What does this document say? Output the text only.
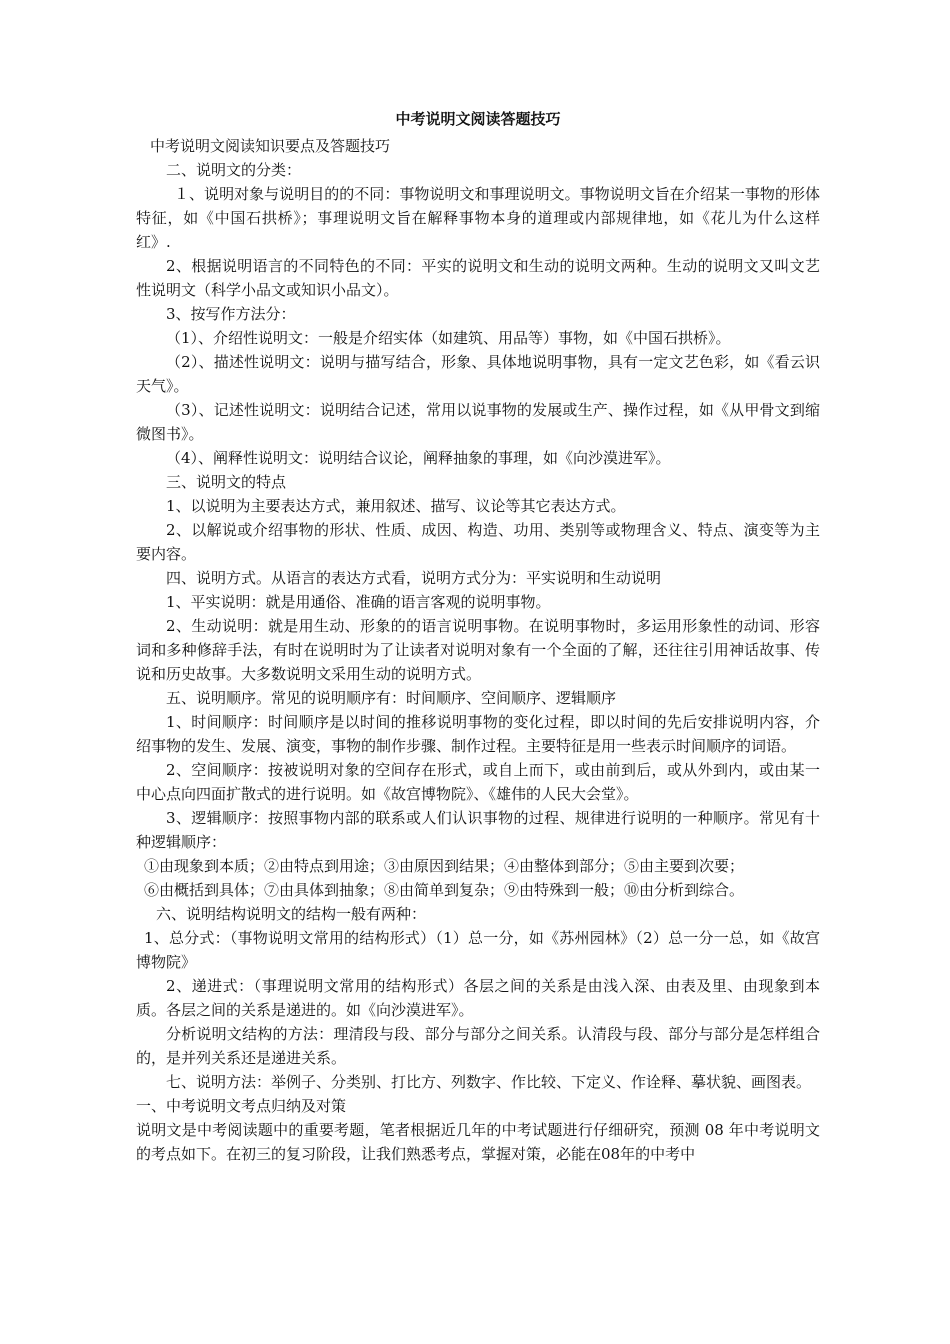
中考说明文阅读答题技巧

中考说明文阅读知识要点及答题技巧

二、说明文的分类：

１、说明对象与说明目的的不同：事物说明文和事理说明文。事物说明文旨在介绍某一事物的形体特征，如《中国石拱桥》；事理说明文旨在解释事物本身的道理或内部规律地，如《花儿为什么这样红》.

2、根据说明语言的不同特色的不同：平实的说明文和生动的说明文两种。生动的说明文又叫文艺性说明文（科学小品文或知识小品文）。

3、按写作方法分：

（1）、介绍性说明文：一般是介绍实体（如建筑、用品等）事物，如《中国石拱桥》。

（2）、描述性说明文：说明与描写结合，形象、具体地说明事物，具有一定文艺色彩，如《看云识天气》。

（3）、记述性说明文：说明结合记述，常用以说事物的发展或生产、操作过程，如《从甲骨文到缩微图书》。

（4）、阐释性说明文：说明结合议论，阐释抽象的事理，如《向沙漠进军》。

三、说明文的特点

1、以说明为主要表达方式，兼用叙述、描写、议论等其它表达方式。

2、以解说或介绍事物的形状、性质、成因、构造、功用、类别等或物理含义、特点、演变等为主要内容。

四、说明方式。从语言的表达方式看，说明方式分为：平实说明和生动说明

1、平实说明：就是用通俗、准确的语言客观的说明事物。

2、生动说明：就是用生动、形象的的语言说明事物。在说明事物时，多运用形象性的动词、形容词和多种修辞手法，有时在说明时为了让读者对说明对象有一个全面的了解，还往往引用神话故事、传说和历史故事。大多数说明文采用生动的说明方式。

五、说明顺序。常见的说明顺序有：时间顺序、空间顺序、逻辑顺序

1、时间顺序：时间顺序是以时间的推移说明事物的变化过程，即以时间的先后安排说明内容，介绍事物的发生、发展、演变，事物的制作步骤、制作过程。主要特征是用一些表示时间顺序的词语。

2、空间顺序：按被说明对象的空间存在形式，或自上而下，或由前到后，或从外到内，或由某一中心点向四面扩散式的进行说明。如《故宫博物院》、《雄伟的人民大会堂》。

3、逻辑顺序：按照事物内部的联系或人们认识事物的过程、规律进行说明的一种顺序。常见有十种逻辑顺序：

①由现象到本质；②由特点到用途；③由原因到结果；④由整体到部分；⑤由主要到次要；

⑥由概括到具体；⑦由具体到抽象；⑧由简单到复杂；⑨由特殊到一般；⑩由分析到综合。

六、说明结构说明文的结构一般有两种：

1、总分式：（事物说明文常用的结构形式）（1）总一分，如《苏州园林》（2）总一分一总，如《故宫博物院》

2、递进式：（事理说明文常用的结构形式）各层之间的关系是由浅入深、由表及里、由现象到本质。各层之间的关系是递进的。如《向沙漠进军》。

分析说明文结构的方法：理清段与段、部分与部分之间关系。认清段与段、部分与部分是怎样组合的，是并列关系还是递进关系。

七、说明方法：举例子、分类别、打比方、列数字、作比较、下定义、作诠释、摹状貌、画图表。

一、中考说明文考点归纳及对策

说明文是中考阅读题中的重要考题，笔者根据近几年的中考试题进行仔细研究，预测 08 年中考说明文的考点如下。在初三的复习阶段，让我们熟悉考点，掌握对策，必能在08年的中考中
